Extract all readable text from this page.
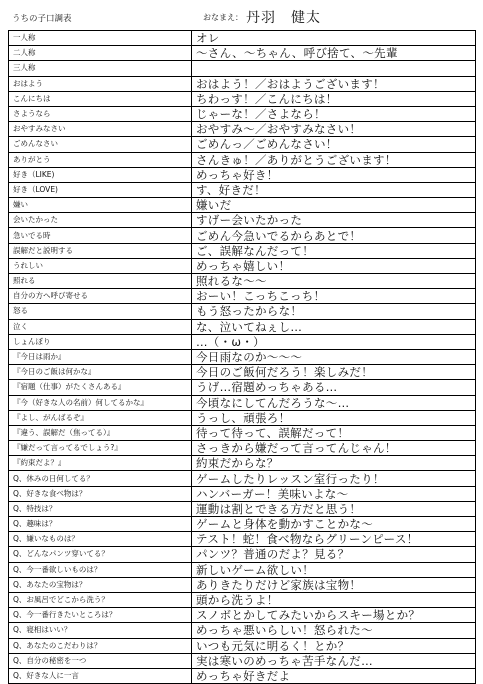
うちの子口調表	おなまえ： 丹羽　健太
一人称	オレ
二人称	～さん、～ちゃん、呼び捨て、～先輩
三人称	
おはよう	おはよう！／おはようございます！
こんにちは	ちわっす！／こんにちは！
さようなら	じゃーな！／さよなら！
おやすみなさい	おやすみ～／おやすみなさい！
ごめんなさい	ごめんっ／ごめんなさい！
ありがとう	さんきゅ！／ありがとうございます！
好き（LIKE)	めっちゃ好き！
好き（LOVE)	す、好きだ！
嫌い	嫌いだ
会いたかった	すげー会いたかった
急いでる時	ごめん今急いでるからあとで！
誤解だと説明する	ご、誤解なんだって！
うれしい	めっちゃ嬉しい！
照れる	照れるな～～
自分の方へ呼び寄せる	おーい！こっちこっち！
怒る	もう怒ったからな！
泣く	な、泣いてねぇし…
しょんぼり	…（・ω・）
『今日は雨か』	今日雨なのか～～～
『今日のご飯は何かな』	今日のご飯何だろう！楽しみだ！
『宿題（仕事）がたくさんある』	うげ…宿題めっちゃある…
『今（好きな人の名前）何してるかな』	今頃なにしてんだろうな～…
『よし、がんばるぞ』	うっし、頑張ろ！
『違う、誤解だ（焦ってる）』	待って待って、誤解だって！
『嫌だって言ってるでしょう?』	さっきから嫌だって言ってんじゃん！
『約束だよ？』	約束だからな？
Q、休みの日何してる？	ゲームしたりレッスン室行ったり！
Q、好きな食べ物は？	ハンバーガー！美味いよな～
Q、特技は？	運動は割とできる方だと思う！
Q、趣味は？	ゲームと身体を動かすことかな～
Q、嫌いなものは？	テスト！蛇！食べ物ならグリーンピース！
Q、どんなパンツ穿いてる？	パンツ？普通のだよ？見る？
Q、今一番欲しいものは？	新しいゲーム欲しい！
Q、あなたの宝物は？	ありきたりだけど家族は宝物！
Q、お風呂でどこから洗う？	頭から洗うよ！
Q、今一番行きたいところは？	スノボとかしてみたいからスキー場とか？
Q、寝相はいい？	めっちゃ悪いらしい！怒られた～
Q、あなたのこだわりは？	いつも元気に明るく！とか？
Q、自分の秘密を一つ	実は寒いのめっちゃ苦手なんだ…
Q、好きな人に一言	めっちゃ好きだよ
